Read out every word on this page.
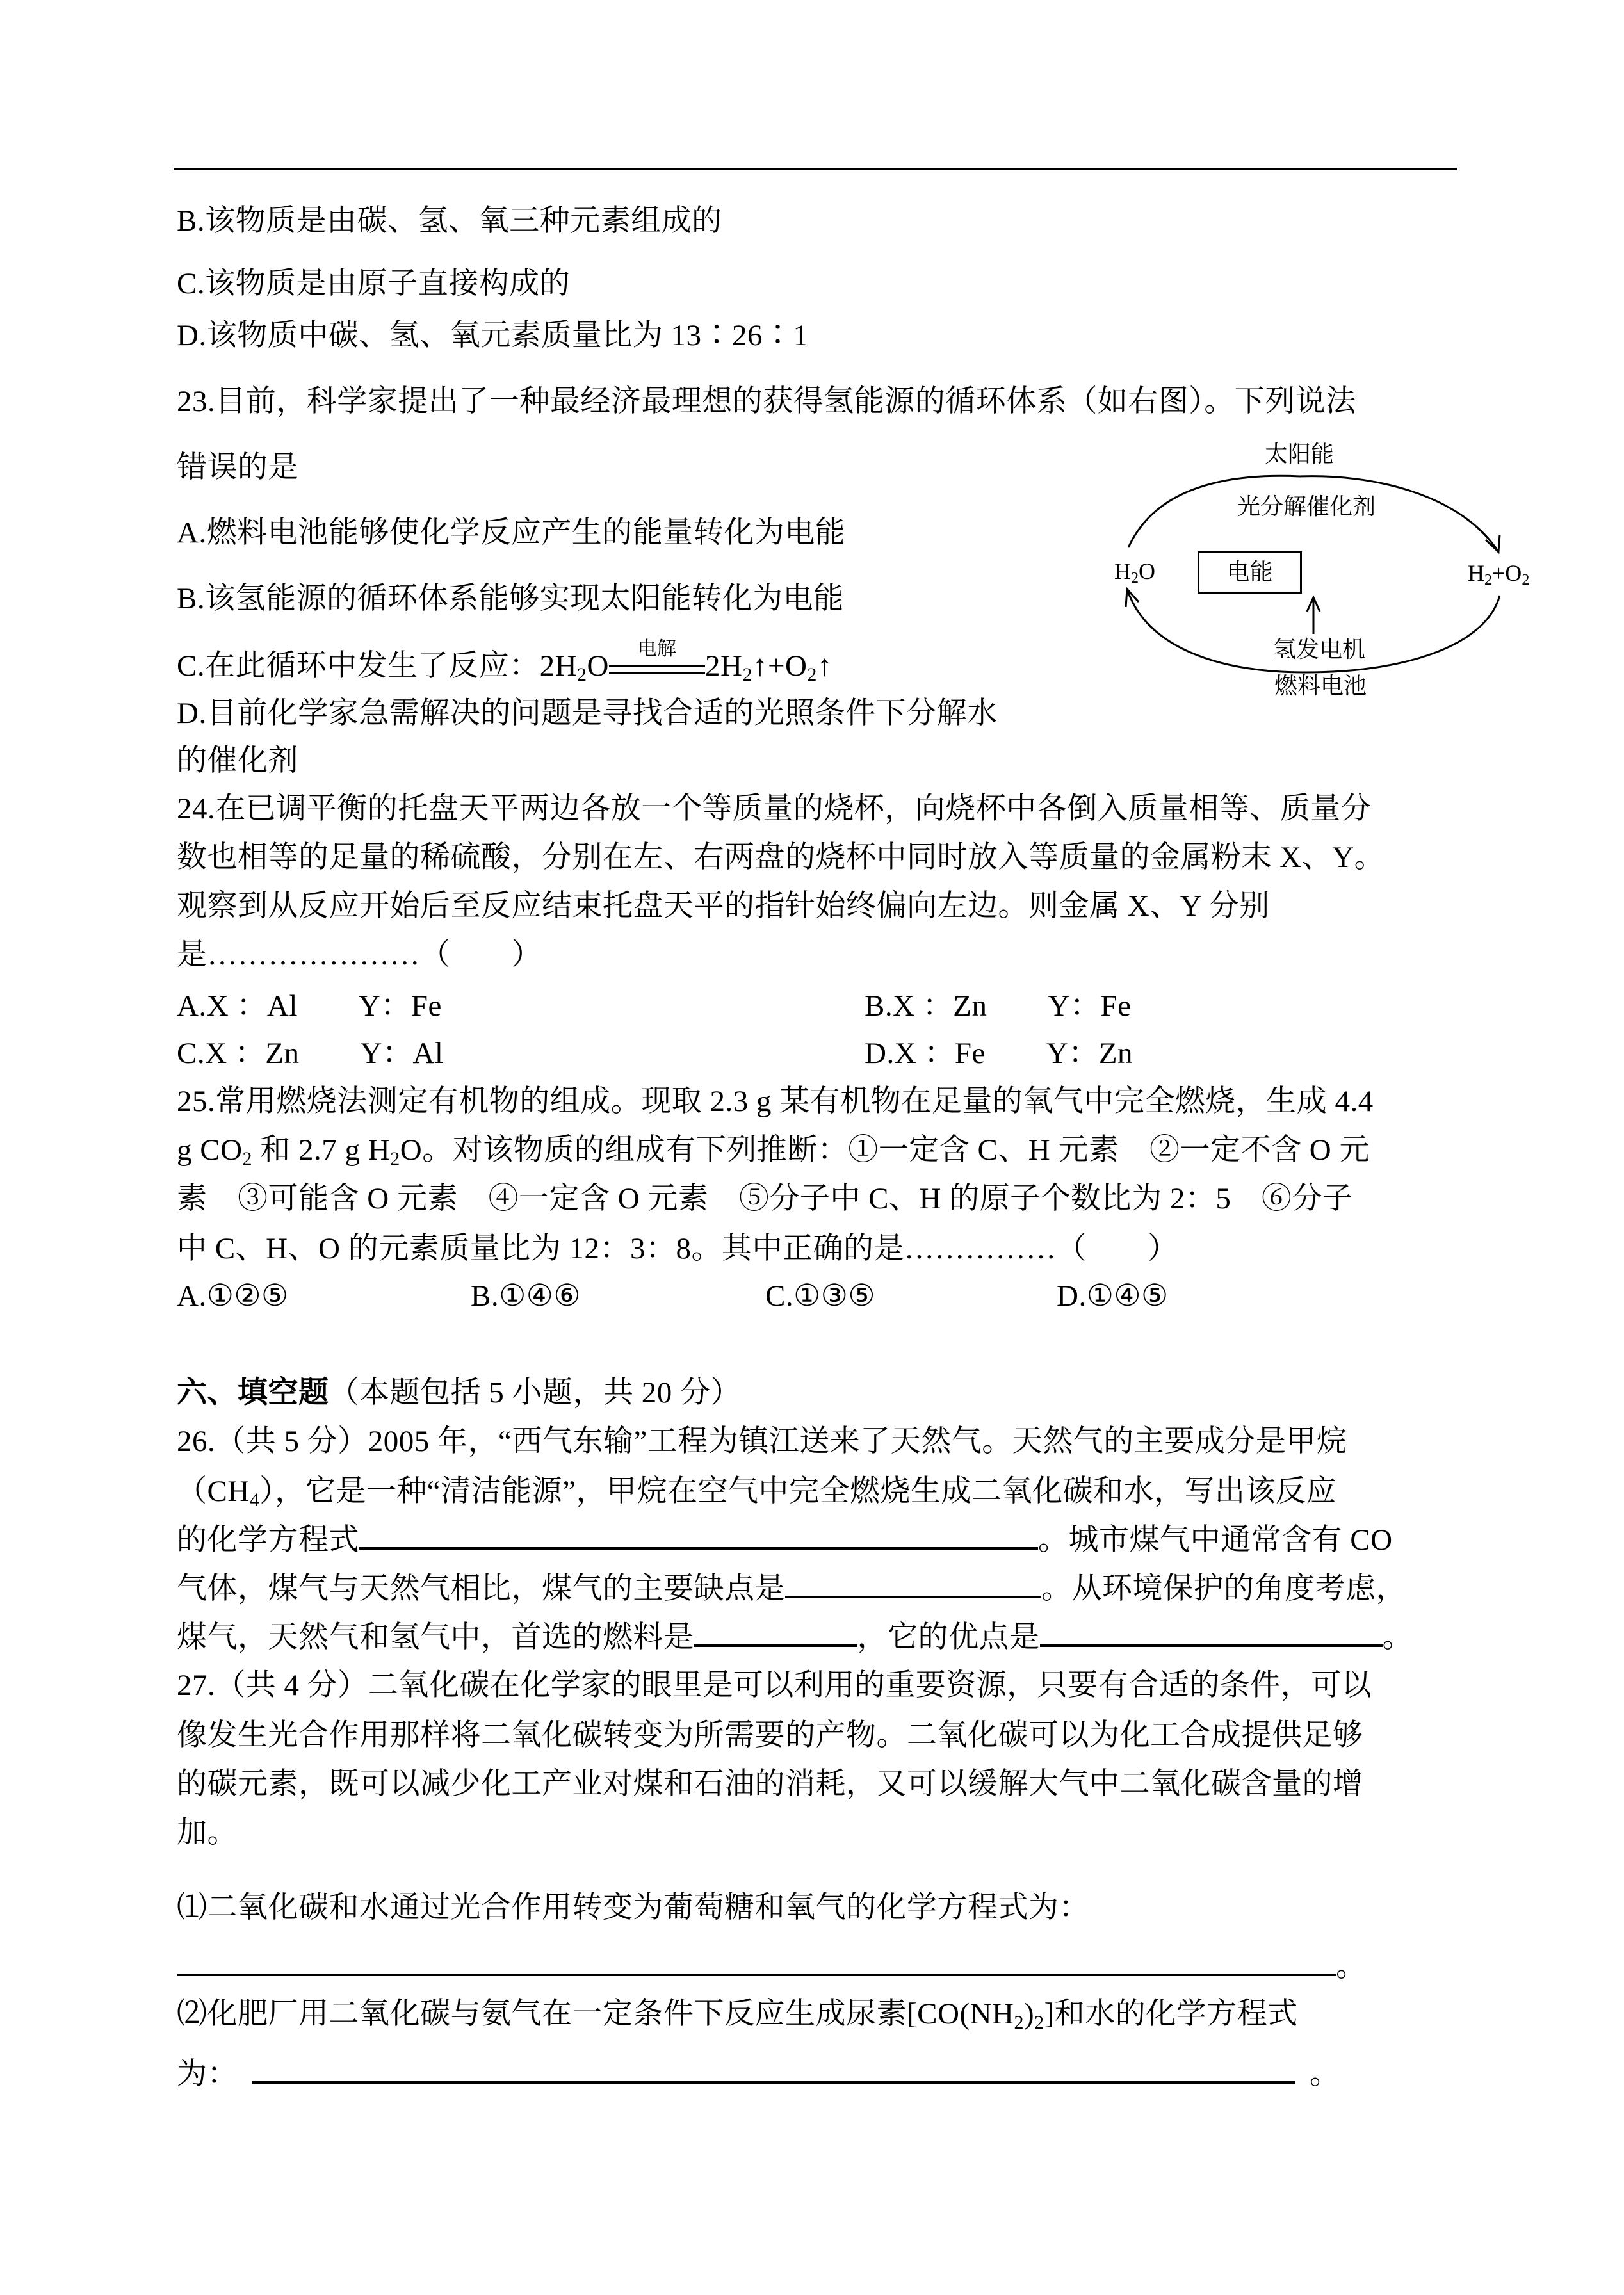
B.该物质是由碳、氢、氧三种元素组成的
C.该物质是由原子直接构成的
D.该物质中碳、氢、氧元素质量比为 13∶26∶1
23.目前，科学家提出了一种最经济最理想的获得氢能源的循环体系（如右图）。下列说法
错误的是
A.燃料电池能够使化学反应产生的能量转化为电能
B.该氢能源的循环体系能够实现太阳能转化为电能
C.在此循环中发生了反应：$2H_2O$
电解
$2H_2↑+O_2↑$
D.目前化学家急需解决的问题是寻找合适的光照条件下分解水
的催化剂
太阳能
光分解催化剂
$H_2O$	$H_2+O_2$
电能
氢发电机
燃料电池
24.在已调平衡的托盘天平两边各放一个等质量的烧杯，向烧杯中各倒入质量相等、质量分
数也相等的足量的稀硫酸，分别在左、右两盘的烧杯中同时放入等质量的金属粉末 X、Y。
观察到从反应开始后至反应结束托盘天平的指针始终偏向左边。则金属 X、Y 分别
是…………………（　　）
A.X ：Al　　Y：Fe	B.X ：Zn　　Y：Fe
C.X ：Zn　　Y：Al	D.X ：Fe　　Y：Zn
25.常用燃烧法测定有机物的组成。现取 2.3 g 某有机物在足量的氧气中完全燃烧，生成 4.4
g $CO_2$ 和 2.7 g $H_2O$。对该物质的组成有下列推断：①一定含 C、H 元素　②一定不含 O 元
素　③可能含 O 元素　④一定含 O 元素　⑤分子中 C、H 的原子个数比为 2：5　⑥分子
中 C、H、O 的元素质量比为 12：3：8。其中正确的是……………（　　）
A.①②⑤	B.①④⑥	C.①③⑤	D.①④⑤
六、填空题（本题包括 5 小题，共 20 分）
26.（共 5 分）2005 年，“西气东输”工程为镇江送来了天然气。天然气的主要成分是甲烷
$(CH_4)$，它是一种“清洁能源”，甲烷在空气中完全燃烧生成二氧化碳和水，写出该反应
的化学方程式	。城市煤气中通常含有 CO
气体，煤气与天然气相比，煤气的主要缺点是	。从环境保护的角度考虑，
煤气，天然气和氢气中，首选的燃料是	，它的优点是	。
27.（共 4 分）二氧化碳在化学家的眼里是可以利用的重要资源，只要有合适的条件，可以
像发生光合作用那样将二氧化碳转变为所需要的产物。二氧化碳可以为化工合成提供足够
的碳元素，既可以减少化工产业对煤和石油的消耗，又可以缓解大气中二氧化碳含量的增
加。
⑴二氧化碳和水通过光合作用转变为葡萄糖和氧气的化学方程式为：
。
⑵化肥厂用二氧化碳与氨气在一定条件下反应生成尿素$[CO(NH_2)_2]$和水的化学方程式
为：	。
